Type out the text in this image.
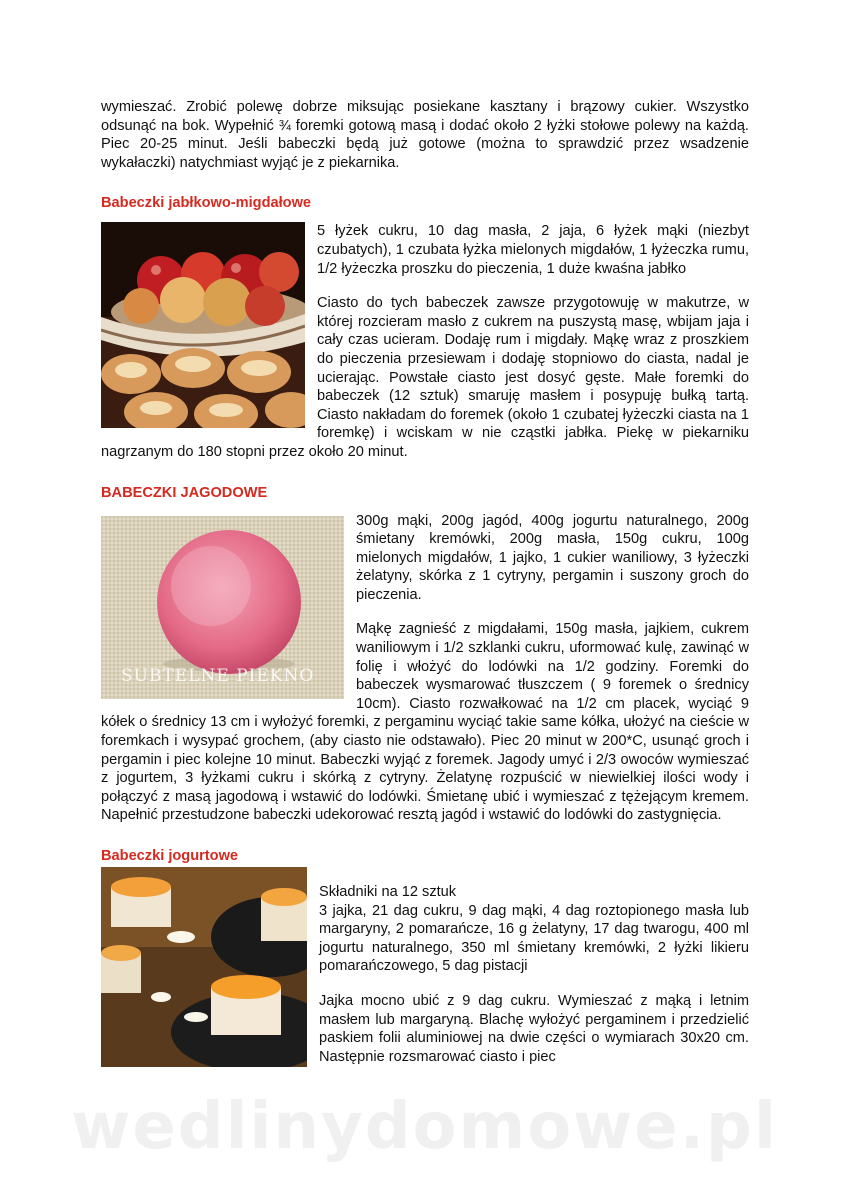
wymieszać. Zrobić polewę dobrze miksując posiekane kasztany i brązowy cukier. Wszystko odsunąć na bok. Wypełnić ¾ foremki gotową masą i dodać około 2 łyżki stołowe polewy na każdą. Piec 20-25 minut. Jeśli babeczki będą już gotowe (można to sprawdzić przez wsadzenie wykałaczki) natychmiast wyjąć je z piekarnika.

Babeczki jabłkowo-migdałowe

5 łyżek cukru, 10 dag masła, 2 jaja, 6 łyżek mąki (niezbyt czubatych), 1 czubata łyżka mielonych migdałów, 1 łyżeczka rumu, 1/2 łyżeczka proszku do pieczenia, 1 duże kwaśna jabłko

Ciasto do tych babeczek zawsze przygotowuję w makutrze, w której rozcieram masło z cukrem na puszystą masę, wbijam jaja i cały czas ucieram. Dodaję rum i migdały. Mąkę wraz z proszkiem do pieczenia przesiewam i dodaję stopniowo do ciasta, nadal je ucierając. Powstałe ciasto jest dosyć gęste. Małe foremki do babeczek (12 sztuk) smaruję masłem i posypuję bułką tartą. Ciasto nakładam do foremek (około 1 czubatej łyżeczki ciasta na 1 foremkę) i wciskam w nie cząstki jabłka. Piekę w piekarniku nagrzanym do 180 stopni przez około 20 minut.

BABECZKI JAGODOWE
SUBTELNE PIEKNO

300g mąki, 200g jagód, 400g jogurtu naturalnego, 200g śmietany kremówki, 200g masła, 150g cukru, 100g mielonych migdałów, 1 jajko, 1 cukier waniliowy, 3 łyżeczki żelatyny, skórka z 1 cytryny, pergamin i suszony groch do pieczenia.

Mąkę zagnieść z migdałami, 150g masła, jajkiem, cukrem waniliowym i 1/2 szklanki cukru, uformować kulę, zawinąć w folię i włożyć do lodówki na 1/2 godziny. Foremki do babeczek wysmarować tłuszczem ( 9 foremek o średnicy 10cm). Ciasto rozwałkować na 1/2 cm placek, wyciąć 9 kółek o średnicy 13 cm i wyłożyć foremki, z pergaminu wyciąć takie same kółka, ułożyć na cieście w foremkach i wysypać grochem, (aby ciasto nie odstawało). Piec 20 minut w 200*C, usunąć groch i pergamin i piec kolejne 10 minut. Babeczki wyjąć z foremek. Jagody umyć i 2/3 owoców wymieszać z jogurtem, 3 łyżkami cukru i skórką z cytryny. Żelatynę rozpuścić w niewielkiej ilości wody i połączyć z masą jagodową i wstawić do lodówki. Śmietanę ubić i wymieszać z tężejącym kremem. Napełnić przestudzone babeczki udekorować resztą jagód i wstawić do lodówki do zastygnięcia.

Babeczki jogurtowe

Składniki na 12 sztuk

3 jajka, 21 dag cukru, 9 dag mąki, 4 dag roztopionego masła lub margaryny, 2 pomarańcze, 16 g żelatyny, 17 dag twarogu, 400 ml jogurtu naturalnego, 350 ml śmietany kremówki, 2 łyżki likieru pomarańczowego, 5 dag pistacji

Jajka mocno ubić z 9 dag cukru. Wymieszać z mąką i letnim masłem lub margaryną. Blachę wyłożyć pergaminem i przedzielić paskiem folii aluminiowej na dwie części o wymiarach 30x20 cm. Następnie rozsmarować ciasto i piec

wedlinydomowe.pl
